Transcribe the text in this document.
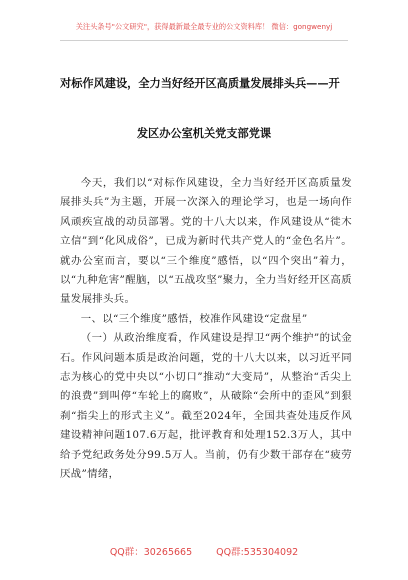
关注头条号"公文研究"，获得最新最全最专业的公文资料库！ 微信：gongwenyj
对标作风建设，全力当好经开区高质量发展排头兵——开
发区办公室机关党支部党课

今天，我们以“对标作风建设，全力当好经开区高质量发展排头兵”为主题，开展一次深入的理论学习，也是一场向作风顽疾宣战的动员部署。党的十八大以来，作风建设从“徙木立信”到“化风成俗”，已成为新时代共产党人的“金色名片”。就办公室而言，要以“三个维度”感悟，以“四个突出”着力，以“九种危害”醒脑，以“五战攻坚”聚力，全力当好经开区高质量发展排头兵。

一、以“三个维度”感悟，校准作风建设“定盘星”

（一）从政治维度看，作风建设是捍卫“两个维护”的试金石。作风问题本质是政治问题，党的十八大以来，以习近平同志为核心的党中央以“小切口”推动“大变局”，从整治“舌尖上的浪费”到叫停“车轮上的腐败”，从破除“会所中的歪风”到狠刹“指尖上的形式主义”。截至2024年，全国共查处违反作风建设精神问题107.6万起，批评教育和处理152.3万人，其中给予党纪政务处分99.5万人。当前，仍有少数干部存在“疲劳厌战”情绪，

QQ群：30265665	QQ群:535304092
